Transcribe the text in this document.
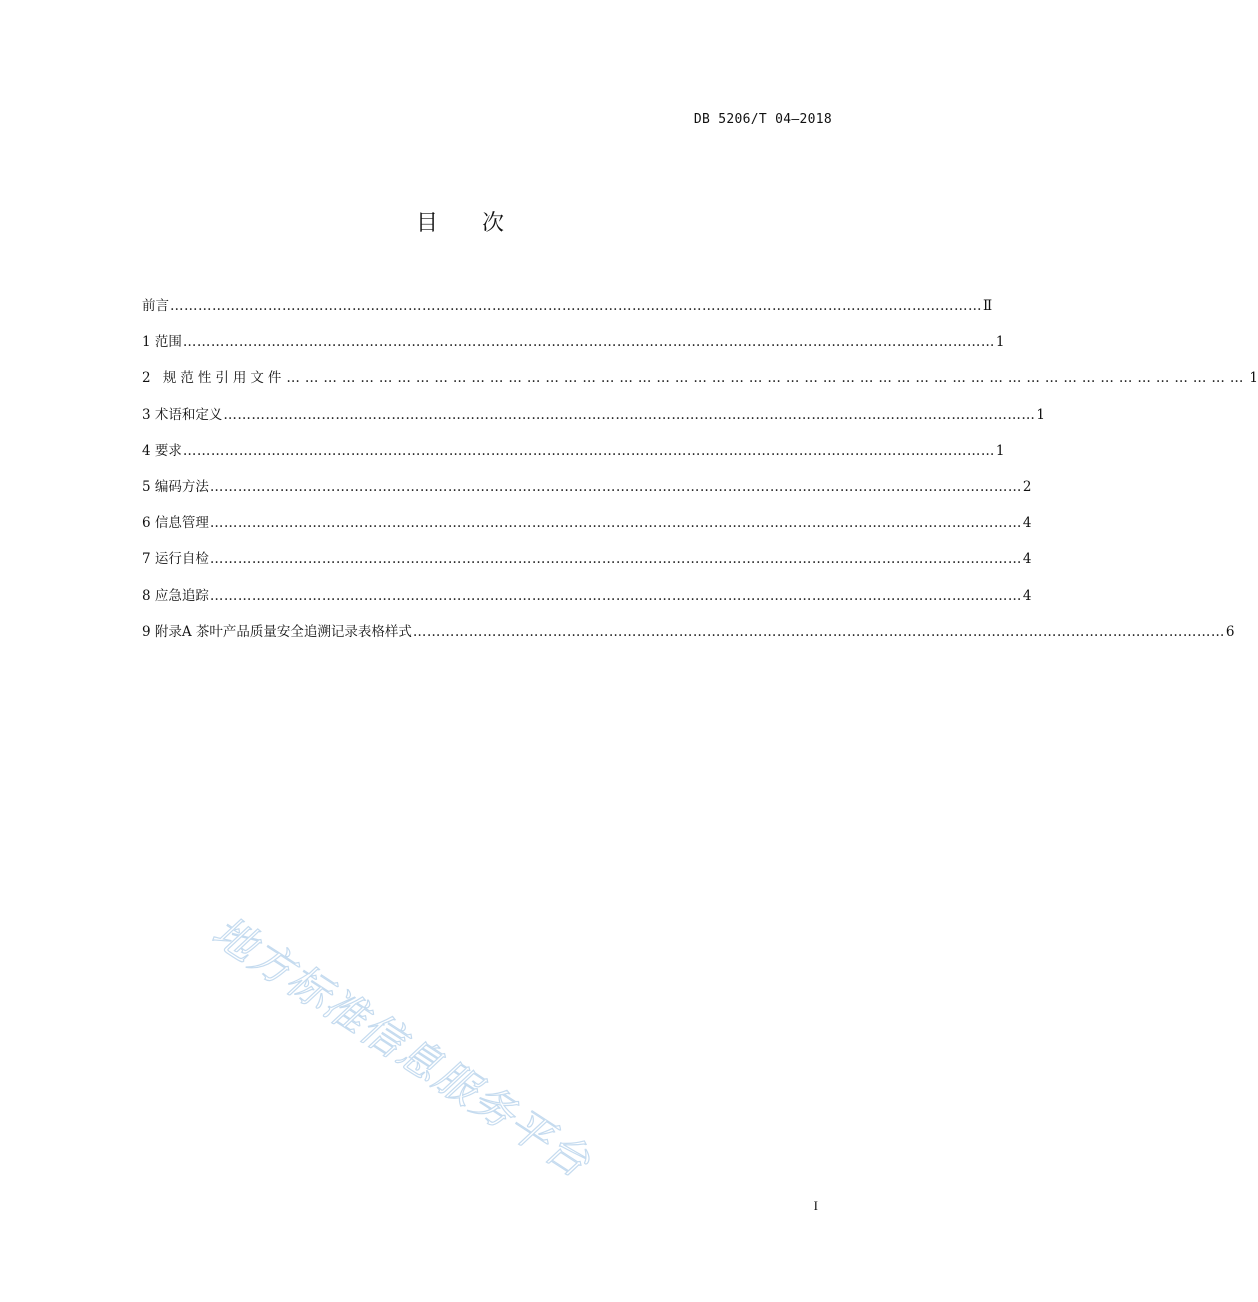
DB 5206/T 04—2018
目 次
前言 ………………………………………………………………………………………………………………………………………………………… Ⅱ
1 范围 ………………………………………………………………………………………………………………………………………………………… 1
2 规范性引用文件 ………………………………………………………………………………………………………………………………………… 1
3 术语和定义 ………………………………………………………………………………………………………………………………………………………… 1
4 要求 ………………………………………………………………………………………………………………………………………………………… 1
5 编码方法 ………………………………………………………………………………………………………………………………………………………… 2
6 信息管理 ………………………………………………………………………………………………………………………………………………………… 4
7 运行自检 ………………………………………………………………………………………………………………………………………………………… 4
8 应急追踪 ………………………………………………………………………………………………………………………………………………………… 4
9 附录A 茶叶产品质量安全追溯记录表格样式 ………………………………………………………………………………………………………………………………………………………… 6
地方标准信息服务平台
I
